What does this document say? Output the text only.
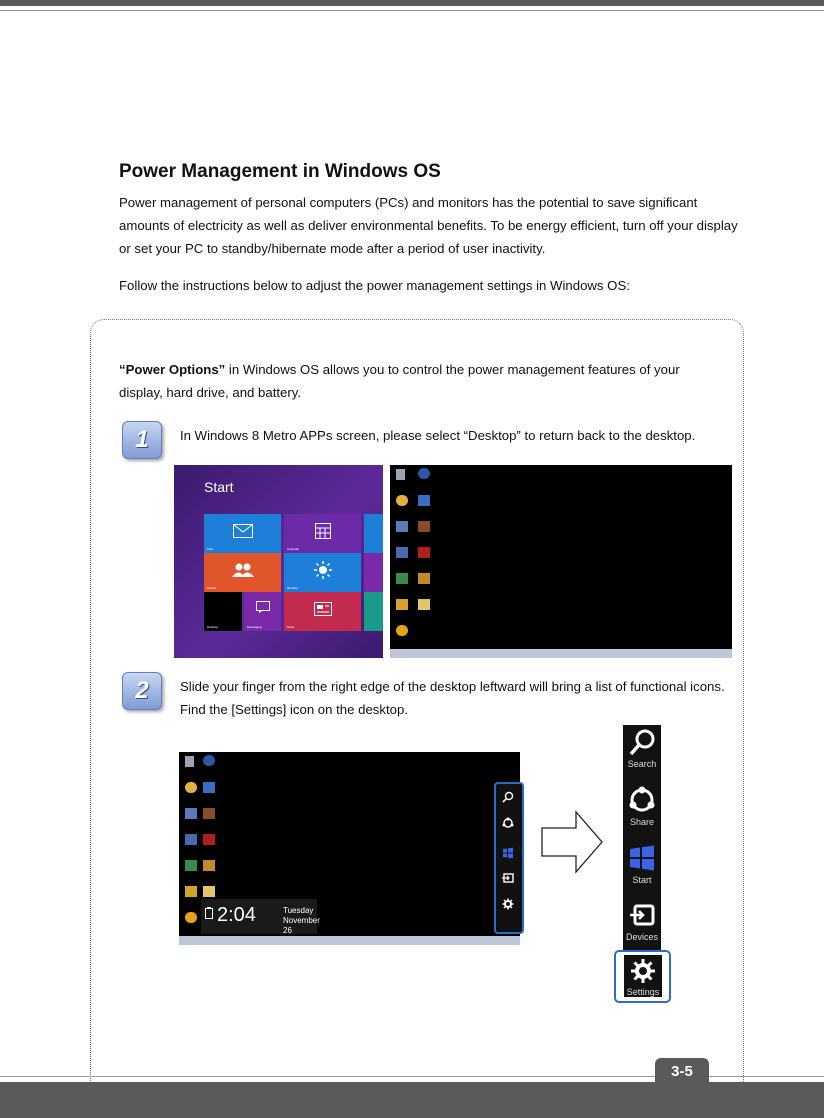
Power Management in Windows OS
Power management of personal computers (PCs) and monitors has the potential to save significant amounts of electricity as well as deliver environmental benefits. To be energy efficient, turn off your display or set your PC to standby/hibernate mode after a period of user inactivity.
Follow the instructions below to adjust the power management settings in Windows OS:
“Power Options” in Windows OS allows you to control the power management features of your display, hard drive, and battery.
1	In Windows 8 Metro APPs screen, please select “Desktop” to return back to the desktop.
Start
Mail	Calendar
People	Weather
Desktop	Messaging	News
2	Slide your finger from the right edge of the desktop leftward will bring a list of functional icons. Find the [Settings] icon on the desktop.
2:04	Tuesday
November 26
Search
Share
Start
Devices
Settings
3-5
